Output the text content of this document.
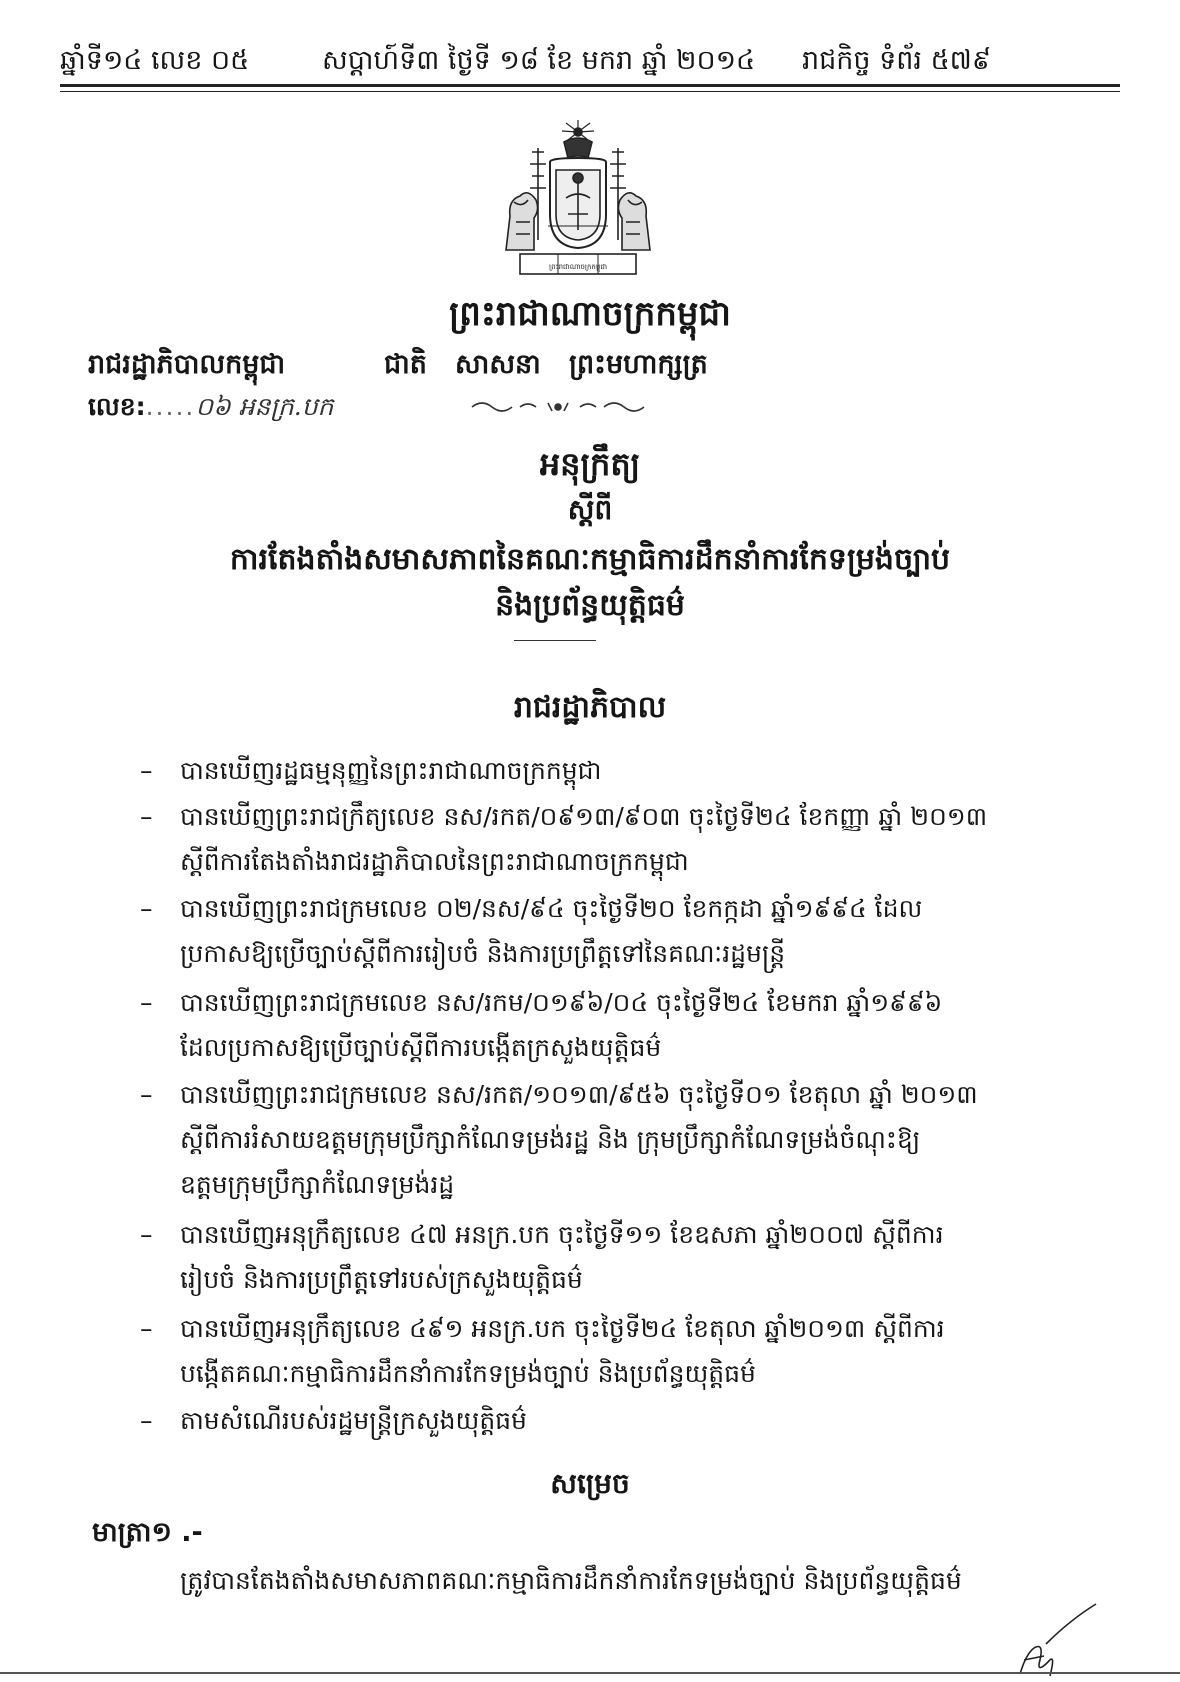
ឆ្នាំទី១៤ លេខ ០៥	សប្តាហ៍ទី៣ ថ្ងៃទី ១៨ ខែ មករា ឆ្នាំ ២០១៤ រាជកិច្ច ទំព័រ ៥៧៩
ព្រះរាជាណាចក្រកម្ពុជា
ព្រះរាជាណាចក្រកម្ពុជា
រាជរដ្ឋាភិបាលកម្ពុជា
លេខ:.....០៦ អនក្រ.បក
ជាតិ   សាសនា   ព្រះមហាក្សត្រ
អនុក្រឹត្យ
ស្តីពី
ការតែងតាំងសមាសភាពនៃគណៈកម្មាធិការដឹកនាំការកែទម្រង់ច្បាប់
និងប្រព័ន្ធយុត្តិធម៌
រាជរដ្ឋាភិបាល
– បានឃើញរដ្ឋធម្មនុញ្ញនៃព្រះរាជាណាចក្រកម្ពុជា
– បានឃើញព្រះរាជក្រឹត្យលេខ នស/រកត/០៩១៣/៩០៣ ចុះថ្ងៃទី២៤ ខែកញ្ញា ឆ្នាំ ២០១៣
ស្តីពីការតែងតាំងរាជរដ្ឋាភិបាលនៃព្រះរាជាណាចក្រកម្ពុជា
– បានឃើញព្រះរាជក្រមលេខ ០២/នស/៩៤ ចុះថ្ងៃទី២០ ខែកក្កដា ឆ្នាំ១៩៩៤ ដែល
ប្រកាសឱ្យប្រើច្បាប់ស្តីពីការរៀបចំ និងការប្រព្រឹត្តទៅនៃគណៈរដ្ឋមន្ត្រី
– បានឃើញព្រះរាជក្រមលេខ នស/រកម/០១៩៦/០៤ ចុះថ្ងៃទី២៤ ខែមករា ឆ្នាំ១៩៩៦
ដែលប្រកាសឱ្យប្រើច្បាប់ស្តីពីការបង្កើតក្រសួងយុត្តិធម៌
– បានឃើញព្រះរាជក្រមលេខ នស/រកត/១០១៣/៩៥៦ ចុះថ្ងៃទី០១ ខែតុលា ឆ្នាំ ២០១៣
ស្តីពីការរំសាយឧត្តមក្រុមប្រឹក្សាកំណែទម្រង់រដ្ឋ និង ក្រុមប្រឹក្សាកំណែទម្រង់ចំណុះឱ្យ
ឧត្តមក្រុមប្រឹក្សាកំណែទម្រង់រដ្ឋ
– បានឃើញអនុក្រឹត្យលេខ ៤៧ អនក្រ.បក ចុះថ្ងៃទី១១ ខែឧសភា ឆ្នាំ២០០៧ ស្តីពីការ
រៀបចំ និងការប្រព្រឹត្តទៅរបស់ក្រសួងយុត្តិធម៌
– បានឃើញអនុក្រឹត្យលេខ ៤៩១ អនក្រ.បក ចុះថ្ងៃទី២៤ ខែតុលា ឆ្នាំ២០១៣ ស្តីពីការ
បង្កើតគណៈកម្មាធិការដឹកនាំការកែទម្រង់ច្បាប់ និងប្រព័ន្ធយុត្តិធម៌
– តាមសំណើរបស់រដ្ឋមន្ត្រីក្រសួងយុត្តិធម៌
សម្រេច
មាត្រា១ .-
ត្រូវបានតែងតាំងសមាសភាពគណៈកម្មាធិការដឹកនាំការកែទម្រង់ច្បាប់ និងប្រព័ន្ធយុត្តិធម៌
